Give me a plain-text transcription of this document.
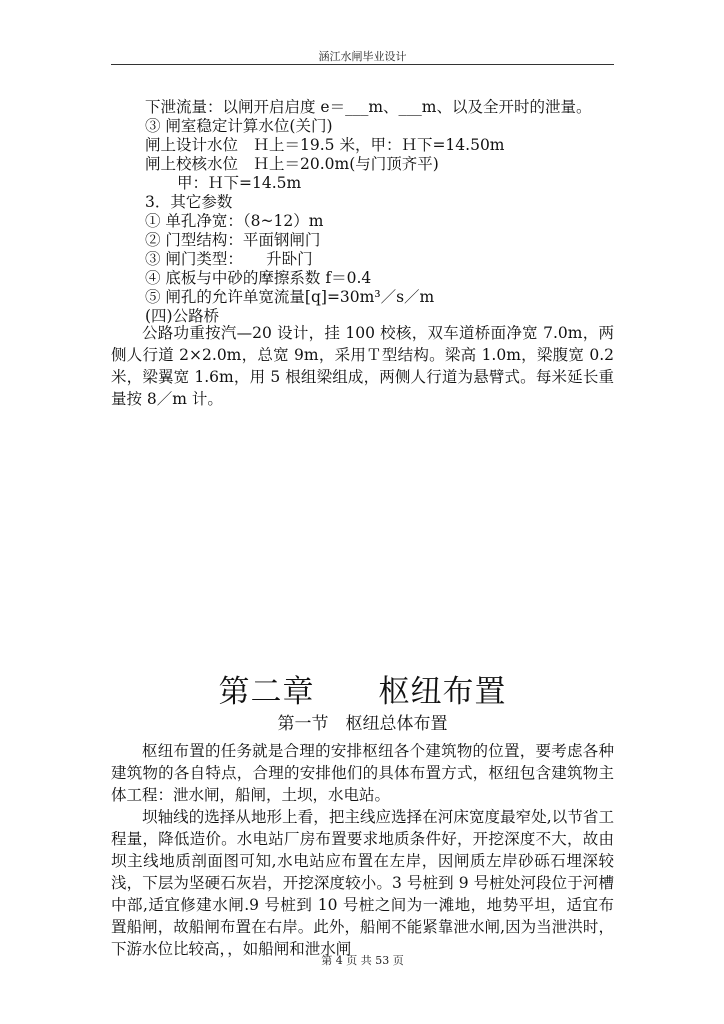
涵江水闸毕业设计
下泄流量：以闸开启启度 e＝___m、___m、以及全开时的泄量。
③ 闸室稳定计算水位(关门)
闸上设计水位　Ｈ上＝19.5 米，甲：Ｈ下=14.50m
闸上校核水位　Ｈ上＝20.0m(与门顶齐平)
甲：Ｈ下=14.5m
3．其它参数
① 单孔净宽：（8~12）m
② 门型结构：平面钢闸门
③ 闸门类型：　　升卧门
④ 底板与中砂的摩擦系数 f＝0.4
⑤ 闸孔的允许单宽流量[q]=30m³／s／m
(四)公路桥

公路功重按汽—20 设计，挂 100 校核，双车道桥面净宽 7.0m，两侧人行道 2×2.0m，总宽 9m，采用Ｔ型结构。梁高 1.0m，梁腹宽 0.2 米，梁翼宽 1.6m，用 5 根组梁组成，两侧人行道为悬臂式。每米延长重量按 8／m 计。

第二章　　枢纽布置
第一节　枢纽总体布置

枢纽布置的任务就是合理的安排枢纽各个建筑物的位置，要考虑各种建筑物的各自特点，合理的安排他们的具体布置方式，枢纽包含建筑物主体工程：泄水闸，船闸，土坝，水电站。

坝轴线的选择从地形上看，把主线应选择在河床宽度最窄处,以节省工程量，降低造价。水电站厂房布置要求地质条件好，开挖深度不大，故由坝主线地质剖面图可知,水电站应布置在左岸，因闸质左岸砂砾石埋深较浅，下层为坚硬石灰岩，开挖深度较小。3 号桩到 9 号桩处河段位于河槽中部,适宜修建水闸.9 号桩到 10 号桩之间为一滩地，地势平坦，适宜布置船闸，故船闸布置在右岸。此外，船闸不能紧靠泄水闸,因为当泄洪时，下游水位比较高，，如船闸和泄水闸

第 4 页 共 53 页
